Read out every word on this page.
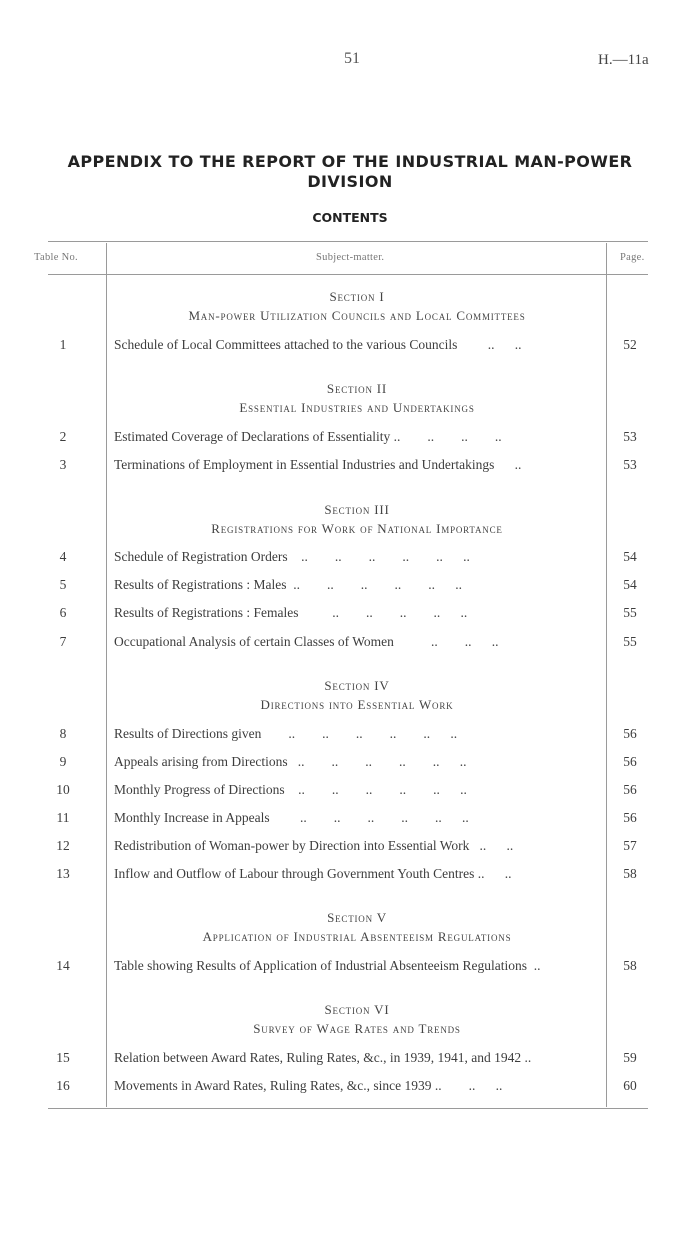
51	H.—11a
APPENDIX TO THE REPORT OF THE INDUSTRIAL MAN-POWER
DIVISION
CONTENTS
Table No.	Subject-matter.	Page.
Section I
Man-power Utilization Councils and Local Committees
1	Schedule of Local Committees attached to the various Councils         ..      ..	52
Section II
Essential Industries and Undertakings
2	Estimated Coverage of Declarations of Essentiality ..        ..        ..        ..	53
3	Terminations of Employment in Essential Industries and Undertakings      ..	53
Section III
Registrations for Work of National Importance
4	Schedule of Registration Orders    ..        ..        ..        ..        ..      ..	54
5	Results of Registrations : Males  ..        ..        ..        ..        ..      ..	54
6	Results of Registrations : Females          ..        ..        ..        ..      ..	55
7	Occupational Analysis of certain Classes of Women           ..        ..      ..	55
Section IV
Directions into Essential Work
8	Results of Directions given        ..        ..        ..        ..        ..      ..	56
9	Appeals arising from Directions   ..        ..        ..        ..        ..      ..	56
10	Monthly Progress of Directions    ..        ..        ..        ..        ..      ..	56
11	Monthly Increase in Appeals         ..        ..        ..        ..        ..      ..	56
12	Redistribution of Woman-power by Direction into Essential Work   ..      ..	57
13	Inflow and Outflow of Labour through Government Youth Centres ..      ..	58
Section V
Application of Industrial Absenteeism Regulations
14	Table showing Results of Application of Industrial Absenteeism Regulations  ..	58
Section VI
Survey of Wage Rates and Trends
15	Relation between Award Rates, Ruling Rates, &c., in 1939, 1941, and 1942 ..	59
16	Movements in Award Rates, Ruling Rates, &c., since 1939 ..        ..      ..	60
